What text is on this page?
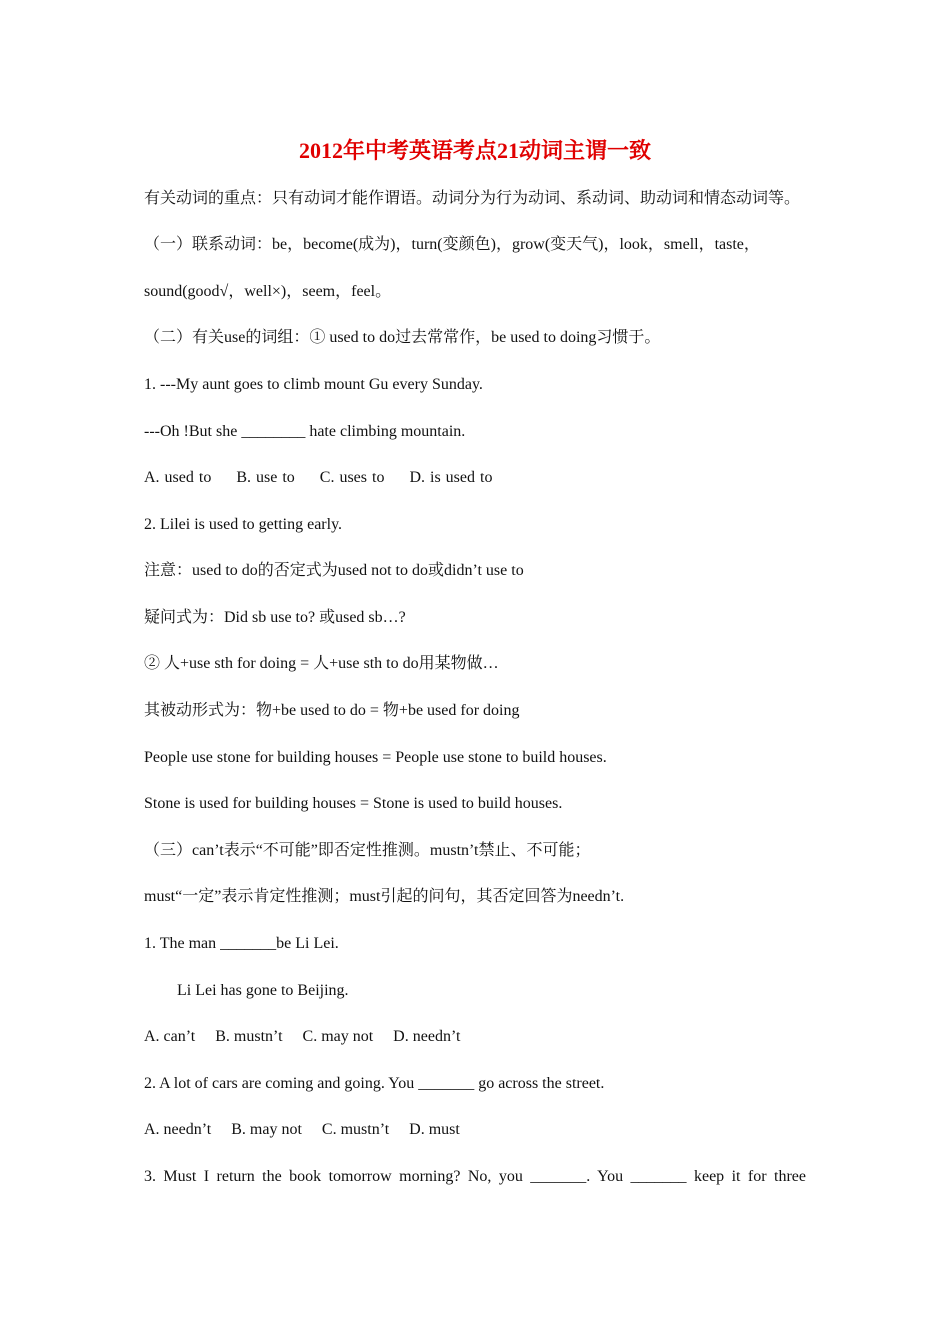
2012年中考英语考点21动词主谓一致
有关动词的重点：只有动词才能作谓语。动词分为行为动词、系动词、助动词和情态动词等。
（一）联系动词：be，become(成为)，turn(变颜色)，grow(变天气)，look，smell，taste，
sound(good√，well×)，seem，feel。
（二）有关use的词组：① used to do过去常常作，be used to doing习惯于。
1. ---My aunt goes to climb mount Gu every Sunday.
---Oh !But she ________ hate climbing mountain.
A. used to     B. use to     C. uses to     D. is used to
2. Lilei is used to getting early.
注意：used to do的否定式为used not to do或didn’t use to
疑问式为：Did sb use to? 或used sb…?
② 人+use sth for doing = 人+use sth to do用某物做…
其被动形式为：物+be used to do = 物+be used for doing
People use stone for building houses = People use stone to build houses.
Stone is used for building houses = Stone is used to build houses.
（三）can’t表示“不可能”即否定性推测。mustn’t禁止、不可能；
must“一定”表示肯定性推测；must引起的问句，其否定回答为needn’t.
1. The man _______be Li Lei.
Li Lei has gone to Beijing.
A. can’t     B. mustn’t     C. may not     D. needn’t
2. A lot of cars are coming and going. You _______ go across the street.
A. needn’t     B. may not     C. mustn’t     D. must
3. Must I return the book tomorrow morning? No, you _______. You _______ keep it for three
